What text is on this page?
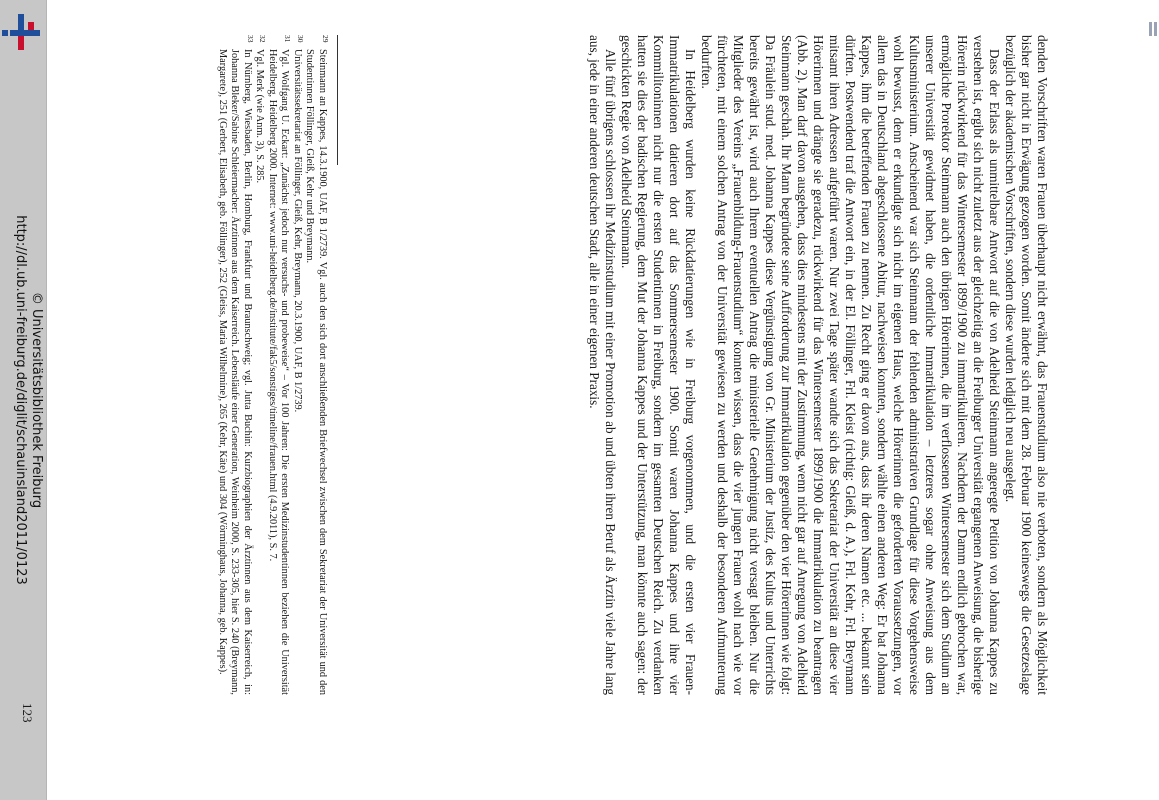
http://dl.ub.uni-freiburg.de/diglit/schauinsland2011/0123 © Universitätsbibliothek Freiburg	denden Vorschriften waren Frauen überhaupt nicht erwähnt, das Frauenstudium also nie verboten, sondern als Möglichkeit bisher gar nicht in Erwägung gezogen worden. Somit änderte sich mit dem 28. Februar 1900 keineswegs die Gesetzeslage bezüglich der akademischen Vorschriften, sondern diese wurden lediglich neu ausgelegt.

Dass der Erlass als unmittelbare Antwort auf die von Adelheid Steinmann angeregte Petition von Johanna Kappes zu verstehen ist, ergibt sich nicht zuletzt aus der gleichzeitig an die Freiburger Universität ergangenen Anweisung, die bisherige Hörerin rückwirkend für das Wintersemester 1899/1900 zu immatrikulieren. Nachdem der Damm endlich gebrochen war, ermöglichte Prorektor Steinmann auch den übrigen Hörerinnen, die im verflossenen Wintersemester sich dem Studium an unserer Universität gewidmet haben, die ordentliche Immatrikulation – letzteres sogar ohne Anweisung aus dem Kultusministerium. Anscheinend war sich Steinmann der fehlenden administrativen Grundlage für diese Vorgehensweise wohl bewusst, denn er erkundigte sich nicht im eigenen Haus, welche Hörerinnen die geforderten Voraussetzungen, vor allem das in Deutschland abgeschlossene Abitur, nachweisen konnten, sondern wählte einen anderen Weg: Er bat Johanna Kappes, ihm die betreffenden Frauen zu nennen. Zu Recht ging er davon aus, dass ihr deren Namen etc. ... bekannt sein dürften. Postwendend traf die Antwort ein, in der El. Föllinger, Frl. Kleist (richtig: Gleiß, d. A.), Frl. Kehr, Frl. Breymann mitsamt ihren Adressen aufgeführt waren. Nur zwei Tage später wandte sich das Sekretariat der Universität an diese vier Hörerinnen und drängte sie geradezu, rückwirkend für das Wintersemester 1899/1900 die Immatrikulation zu beantragen (Abb. 2). Man darf davon ausgehen, dass dies mindestens mit der Zustimmung, wenn nicht gar auf Anregung von Adelheid Steinmann geschah. Ihr Mann begründete seine Aufforderung zur Immatrikulation gegenüber den vier Hörerinnen wie folgt: Da Fräulein stud. med. Johanna Kappes diese Vergünstigung von Gr. Ministerium der Justiz, des Kultus und Unterrichts bereits gewährt ist, wird auch Ihrem eventuellen Antrag die ministerielle Genehmigung nicht versagt bleiben. Nur die Mitglieder des Vereins „Frauenbildung-Frauenstudium“ konnten wissen, dass die vier jungen Frauen wohl nach wie vor fürchteten, mit einem solchen Antrag von der Universität gewiesen zu werden und deshalb der besonderen Aufmunterung bedurften.

In Heidelberg wurden keine Rückdatierungen wie in Freiburg vorgenommen, und die ersten vier Frauen-Immatrikulationen datieren dort auf das Sommersemester 1900. Somit waren Johanna Kappes und ihre vier Kommilitoninnen nicht nur die ersten Studentinnen in Freiburg, sondern im gesamten Deutschen Reich. Zu verdanken hatten sie dies der badischen Regierung, dem Mut der Johanna Kappes und der Unterstützung, man könnte auch sagen: der geschickten Regie von Adelheid Steinmann.

Alle fünf übrigens schlossen ihr Medizinstudium mit einer Promotion ab und übten ihren Beruf als Ärztin viele Jahre lang aus, jede in einer anderen deutschen Stadt, alle in einer eigenen Praxis.

29
Steinmann an Kappes, 14.3.1900, UAF, B 1/2739. Vgl. auch den sich dort anschließenden Briefwechsel zwischen dem Sekretariat der Universität und den Studentinnen Föllinger, Gleiß, Kehr und Breymann.

30
Universitätssekretariat an Föllinger, Gleiß, Kehr, Breymann, 20.3.1900, UAF, B 1/2739.

31
Vgl. Wolfgang U. Eckart: „Zunächst jedoch nur versuchs- und probeweise“ – Vor 100 Jahren: Die ersten Medizinstudentinnen beziehen die Universität Heidelberg, Heidelberg 2000. Internet: www.uni-heidelberg.de/institute/fak5/sonstiges/timeline/frauen.html (4.9.2011), S. 7.

32
Vgl. Merk (wie Anm. 3), S. 285.

33
In Nürnberg, Wiesbaden, Berlin, Homburg, Frankfurt und Braunschweig; vgl. Jutta Buchin: Kurzbiographien der Ärztinnen aus dem Kaiserreich, in: Johanna Bleker/Sabine Schleiermacher: Ärztinnen aus dem Kaiserreich. Lebensläufe einer Generation, Weinheim 2000, S. 233-305, hier S. 240 (Breymann, Margarete), 251 (Gerbert, Elisabeth, geb. Föllinger), 252 (Gleiss, Maria Wilhelmine), 265 (Kehr, Käte) und 304 (Wörminghaus, Johanna, geb. Kappes).

123
